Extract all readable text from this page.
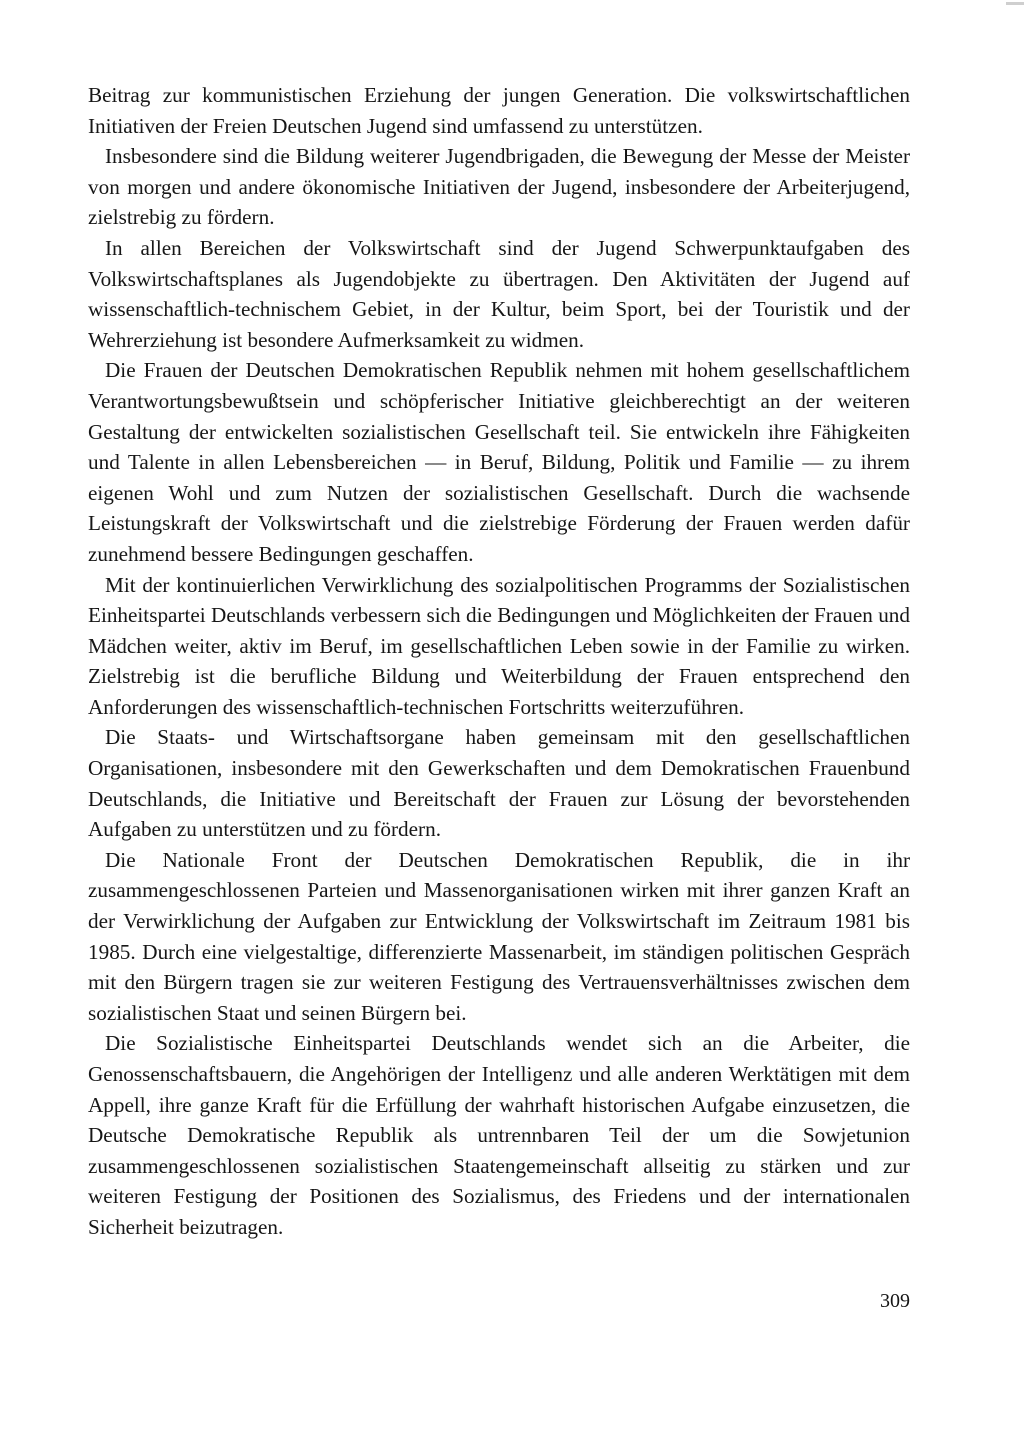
Beitrag zur kommunistischen Erziehung der jungen Generation. Die volkswirtschaftlichen Initiativen der Freien Deutschen Jugend sind umfassend zu unterstützen.

Insbesondere sind die Bildung weiterer Jugendbrigaden, die Bewegung der Messe der Meister von morgen und andere ökonomische Initiativen der Jugend, insbesondere der Arbeiterjugend, zielstrebig zu fördern.

In allen Bereichen der Volkswirtschaft sind der Jugend Schwerpunktaufgaben des Volkswirtschaftsplanes als Jugendobjekte zu übertragen. Den Aktivitäten der Jugend auf wissenschaftlich-technischem Gebiet, in der Kultur, beim Sport, bei der Touristik und der Wehrerziehung ist besondere Aufmerksamkeit zu widmen.

Die Frauen der Deutschen Demokratischen Republik nehmen mit hohem gesellschaftlichem Verantwortungsbewußtsein und schöpferischer Initiative gleichberechtigt an der weiteren Gestaltung der entwickelten sozialistischen Gesellschaft teil. Sie entwickeln ihre Fähigkeiten und Talente in allen Lebensbereichen — in Beruf, Bildung, Politik und Familie — zu ihrem eigenen Wohl und zum Nutzen der sozialistischen Gesellschaft. Durch die wachsende Leistungskraft der Volkswirtschaft und die zielstrebige Förderung der Frauen werden dafür zunehmend bessere Bedingungen geschaffen.

Mit der kontinuierlichen Verwirklichung des sozialpolitischen Programms der Sozialistischen Einheitspartei Deutschlands verbessern sich die Bedingungen und Möglichkeiten der Frauen und Mädchen weiter, aktiv im Beruf, im gesellschaftlichen Leben sowie in der Familie zu wirken. Zielstrebig ist die berufliche Bildung und Weiterbildung der Frauen entsprechend den Anforderungen des wissenschaftlich-technischen Fortschritts weiterzuführen.

Die Staats- und Wirtschaftsorgane haben gemeinsam mit den gesellschaftlichen Organisationen, insbesondere mit den Gewerkschaften und dem Demokratischen Frauenbund Deutschlands, die Initiative und Bereitschaft der Frauen zur Lösung der bevorstehenden Aufgaben zu unterstützen und zu fördern.

Die Nationale Front der Deutschen Demokratischen Republik, die in ihr zusammengeschlossenen Parteien und Massenorganisationen wirken mit ihrer ganzen Kraft an der Verwirklichung der Aufgaben zur Entwicklung der Volkswirtschaft im Zeitraum 1981 bis 1985. Durch eine vielgestaltige, differenzierte Massenarbeit, im ständigen politischen Gespräch mit den Bürgern tragen sie zur weiteren Festigung des Vertrauensverhältnisses zwischen dem sozialistischen Staat und seinen Bürgern bei.

Die Sozialistische Einheitspartei Deutschlands wendet sich an die Arbeiter, die Genossenschaftsbauern, die Angehörigen der Intelligenz und alle anderen Werktätigen mit dem Appell, ihre ganze Kraft für die Erfüllung der wahrhaft historischen Aufgabe einzusetzen, die Deutsche Demokratische Republik als untrennbaren Teil der um die Sowjetunion zusammengeschlossenen sozialistischen Staatengemeinschaft allseitig zu stärken und zur weiteren Festigung der Positionen des Sozialismus, des Friedens und der internationalen Sicherheit beizutragen.

309
